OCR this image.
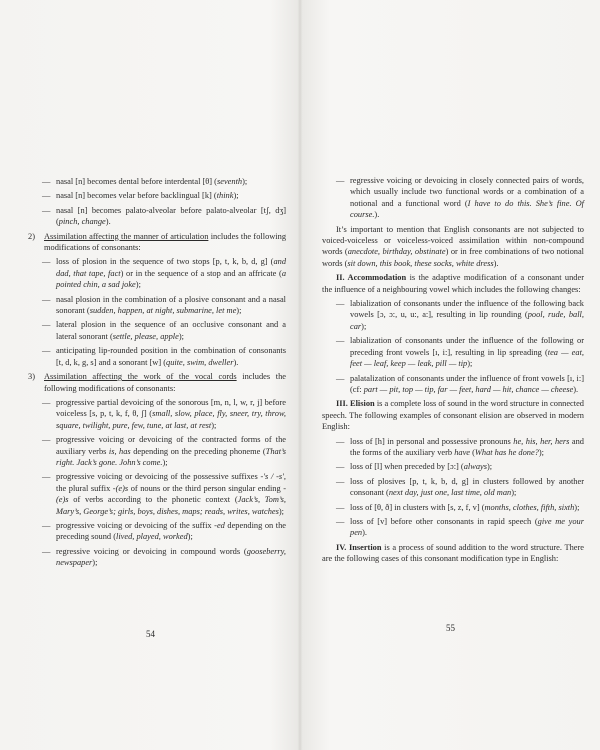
— nasal [n] becomes dental before interdental [θ] (seventh);
— nasal [n] becomes velar before backlingual [k] (think);
— nasal [n] becomes palato-alveolar before palato-alveolar [tʃ, dʒ] (pinch, change).
2)	Assimilation affecting the manner of articulation includes the following modifications of consonants:
— loss of plosion in the sequence of two stops [p, t, k, b, d, g] (and dad, that tape, fact) or in the sequence of a stop and an affricate (a pointed chin, a sad joke);
— nasal plosion in the combination of a plosive consonant and a nasal sonorant (sudden, happen, at night, submarine, let me);
— lateral plosion in the sequence of an occlusive consonant and a lateral sonorant (settle, please, apple);
— anticipating lip-rounded position in the combination of consonants [t, d, k, g, s] and a sonorant [w] (quite, swim, dweller).
3)	Assimilation affecting the work of the vocal cords includes the following modifications of consonants:
— progressive partial devoicing of the sonorous [m, n, l, w, r, j] before voiceless [s, p, t, k, f, θ, ʃ] (small, slow, place, fly, sneer, try, throw, square, twilight, pure, few, tune, at last, at rest);
— progressive voicing or devoicing of the contracted forms of the auxiliary verbs is, has depending on the preceding phoneme (That’s right. Jack’s gone. John’s come.);
— progressive voicing or devoicing of the possessive suffixes -'s / -s', the plural suffix -(e)s of nouns or the third person singular ending -(e)s of verbs according to the phonetic context (Jack’s, Tom’s, Mary’s, George’s; girls, boys, dishes, maps; reads, writes, watches);
— progressive voicing or devoicing of the suffix -ed depending on the preceding sound (lived, played, worked);
— regressive voicing or devoicing in compound words (gooseberry, newspaper);
54
— regressive voicing or devoicing in closely connected pairs of words, which usually include two functional words or a combination of a notional and a functional word (I have to do this. She’s fine. Of course.).

It’s important to mention that English consonants are not subjected to voiced-voiceless or voiceless-voiced assimilation within non-compound words (anecdote, birthday, obstinate) or in free combinations of two notional words (sit down, this book, these socks, white dress).

II. Accommodation is the adaptive modification of a consonant under the influence of a neighbouring vowel which includes the following changes:

— labialization of consonants under the influence of the following back vowels [ɔ, ɔ:, u, u:, a:], resulting in lip rounding (pool, rude, ball, car);
— labialization of consonants under the influence of the following or preceding front vowels [ı, i:], resulting in lip spreading (tea — eat, feet — leaf, keep — leak, pill — tip);
— palatalization of consonants under the influence of front vowels [ı, i:] (cf: part — pit, top — tip, far — feet, hard — hit, chance — cheese).

III. Elision is a complete loss of sound in the word structure in connected speech. The following examples of consonant elision are observed in modern English:

— loss of [h] in personal and possessive pronouns he, his, her, hers and the forms of the auxiliary verb have (What has he done?);
— loss of [l] when preceded by [ɔ:] (always);
— loss of plosives [p, t, k, b, d, g] in clusters followed by another consonant (next day, just one, last time, old man);
— loss of [θ, ð] in clusters with [s, z, f, v] (months, clothes, fifth, sixth);
— loss of [v] before other consonants in rapid speech (give me your pen).

IV. Insertion is a process of sound addition to the word structure. There are the following cases of this consonant modification type in English:

55
